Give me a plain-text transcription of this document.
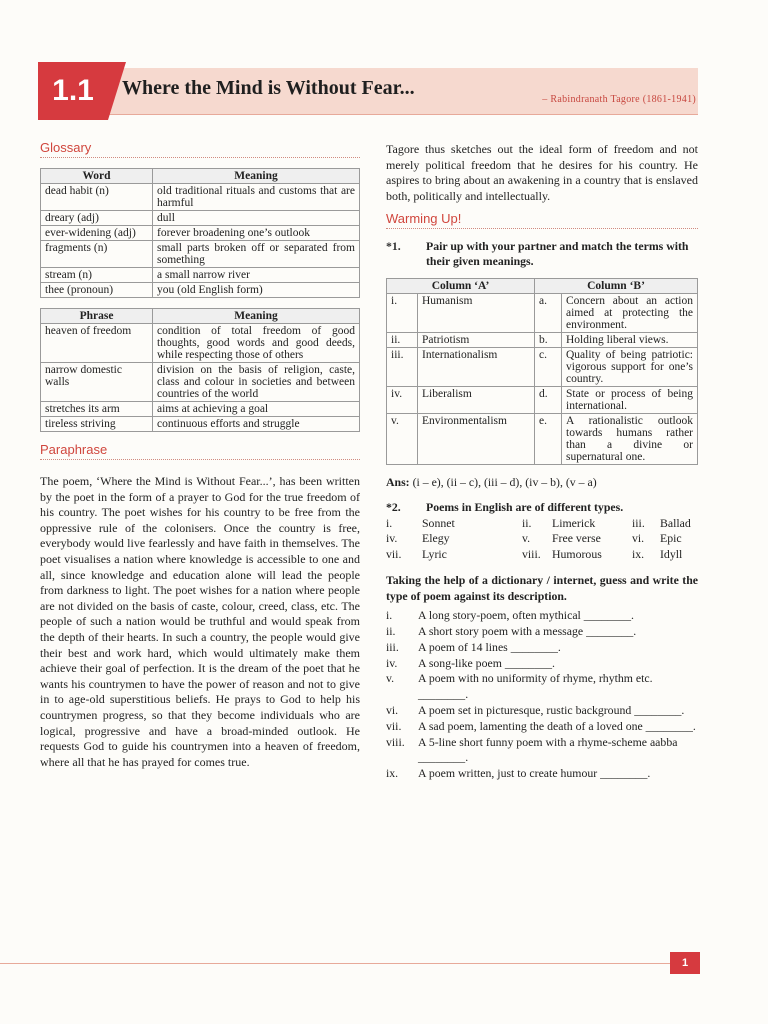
1.1	Where the Mind is Without Fear...
– Rabindranath Tagore (1861-1941)
Glossary
Word	Meaning
dead habit (n)	old traditional rituals and customs that are harmful
dreary (adj)	dull
ever-widening (adj)	forever broadening one’s outlook
fragments (n)	small parts broken off or separated from something
stream (n)	a small narrow river
thee (pronoun)	you (old English form)
Phrase	Meaning
heaven of freedom	condition of total freedom of good thoughts, good words and good deeds, while respecting those of others
narrow domestic walls	division on the basis of religion, caste, class and colour in societies and between countries of the world
stretches its arm	aims at achieving a goal
tireless striving	continuous efforts and struggle
Paraphrase

The poem, ‘Where the Mind is Without Fear...’, has been written by the poet in the form of a prayer to God for the true freedom of his country. The poet wishes for his country to be free from the oppressive rule of the colonisers. Once the country is free, everybody would live fearlessly and have faith in themselves. The poet visualises a nation where knowledge is accessible to one and all, since knowledge and education alone will lead the people from darkness to light. The poet wishes for a nation where people are not divided on the basis of caste, colour, creed, class, etc. The people of such a nation would be truthful and would speak from the depth of their hearts. In such a country, the people would give their best and work hard, which would ultimately make them achieve their goal of perfection. It is the dream of the poet that he wants his countrymen to have the power of reason and not to give in to age-old superstitious beliefs. He prays to God to help his countrymen progress, so that they become individuals who are logical, progressive and have a broad-minded outlook. He requests God to guide his countrymen into a heaven of freedom, where all that he has prayed for comes true.

Tagore thus sketches out the ideal form of freedom and not merely political freedom that he desires for his country. He aspires to bring about an awakening in a country that is enslaved both, politically and intellectually.

Warming Up!
*1.	Pair up with your partner and match the terms with their given meanings.
Column ‘A’		Column ‘B’	
i.	Humanism	a.	Concern about an action aimed at protecting the environment.
ii.	Patriotism	b.	Holding liberal views.
iii.	Internationalism	c.	Quality of being patriotic: vigorous support for one’s country.
iv.	Liberalism	d.	State or process of being international.
v.	Environmentalism	e.	A rationalistic outlook towards humans rather than a divine or supernatural one.
Ans: (i – e), (ii – c), (iii – d), (iv – b), (v – a)
*2.	Poems in English are of different types.
i.	Sonnet	ii.	Limerick	iii.	Ballad
iv.	Elegy	v.	Free verse	vi.	Epic
vii.	Lyric	viii. Humorous	ix.	Idyll

Taking the help of a dictionary / internet, guess and write the type of poem against its description.

i.	A long story-poem, often mythical ________.
ii.	A short story poem with a message ________.
iii.	A poem of 14 lines ________.
iv.	A song-like poem ________.
v.	A poem with no uniformity of rhyme, rhythm etc. ________.
vi.	A poem set in picturesque, rustic background ________.
vii.	A sad poem, lamenting the death of a loved one ________.
viii.	A 5-line short funny poem with a rhyme-scheme aabba ________.
ix.	A poem written, just to create humour ________.
1
